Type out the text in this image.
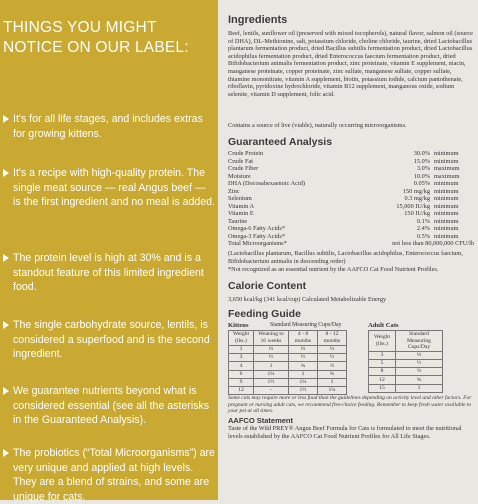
THINGS YOU MIGHT NOTICE ON OUR LABEL:
It's for all life stages, and includes extras for growing kittens.
It's a recipe with high-quality protein. The single meat source — real Angus beef — is the first ingredient and no meal is added.
The protein level is high at 30% and is a standout feature of this limited ingredient food.
The single carbohydrate source, lentils, is considered a superfood and is the second ingredient.
We guarantee nutrients beyond what is considered essential (see all the asterisks in the Guaranteed Analysis).
The probiotics (“Total Microorganisms”) are very unique and applied at high levels. They are a blend of strains, and some are unique for cats.
Ingredients
Beef, lentils, sunflower oil (preserved with mixed tocopherols), natural flavor, salmon oil (source of DHA), DL-Methionine, salt, potassium chloride, choline chloride, taurine, dried Lactobacillus plantarum fermentation product, dried Bacillus subtilis fermentation product, dried Lactobacillus acidophilus fermentation product, dried Enterococcus faecium fermentation product, dried Bifidobacterium animalis fermentation product, zinc proteinate, vitamin E supplement, niacin, manganese proteinate, copper proteinate, zinc sulfate, manganese sulfate, copper sulfate, thiamine mononitrate, vitamin A supplement, biotin, potassium iodide, calcium pantothenate, riboflavin, pyridoxine hydrochloride, vitamin B12 supplement, manganous oxide, sodium selenite, vitamin D supplement, folic acid.
Contains a source of live (viable), naturally occurring microorganisms.
Guaranteed Analysis
Crude Protein	30.0% minimum
Crude Fat	15.0% minimum
Crude Fiber	3.0% maximum
Moisture	10.0% maximum
DHA (Docosahexaenoic Acid)	0.05% minimum
Zinc	150 mg/kg minimum
Selenium	0.3 mg/kg minimum
Vitamin A	15,000 IU/kg minimum
Vitamin E	150 IU/kg minimum
Taurine	0.1% minimum
Omega-6 Fatty Acids*	2.4% minimum
Omega-3 Fatty Acids*	0.5% minimum
Total Microorganisms*	not less than 80,000,000 CFU/lb
(Lactobacillus plantarum, Bacillus subtilis, Lactobacillus acidophilus, Enterococcus faecium, Bifidobacterium animalis in descending order)
*Not recognized as an essential nutrient by the AAFCO Cat Food Nutrient Profiles.
Calorie Content
3,650 kcal/kg (341 kcal/cup) Calculated Metabolizable Energy
Feeding Guide
Kittens	Standard Measuring Cups/Day
Weight (lbs.)	Weaning to 16 weeks	4 - 8 months	8 - 12 months
1	⅓	⅓	⅓
3	½	½	½
4	1	¾	⅔
6	1¼	1	¾
9	1½	1¼	1
12	-	1½	1¼
Adult Cats
Weight (lbs.)	Standard Measuring Cups/Day
3	⅓
5	½
8	⅔
12	¾
15	1
Some cats may require more or less food than the guidelines depending on activity level and other factors. For pregnant or nursing adult cats, we recommend free-choice feeding. Remember to keep fresh water available to your pet at all times.
AAFCO Statement
Taste of the Wild PREY® Angus Beef Formula for Cats is formulated to meet the nutritional levels established by the AAFCO Cat Food Nutrient Profiles for All Life Stages.
